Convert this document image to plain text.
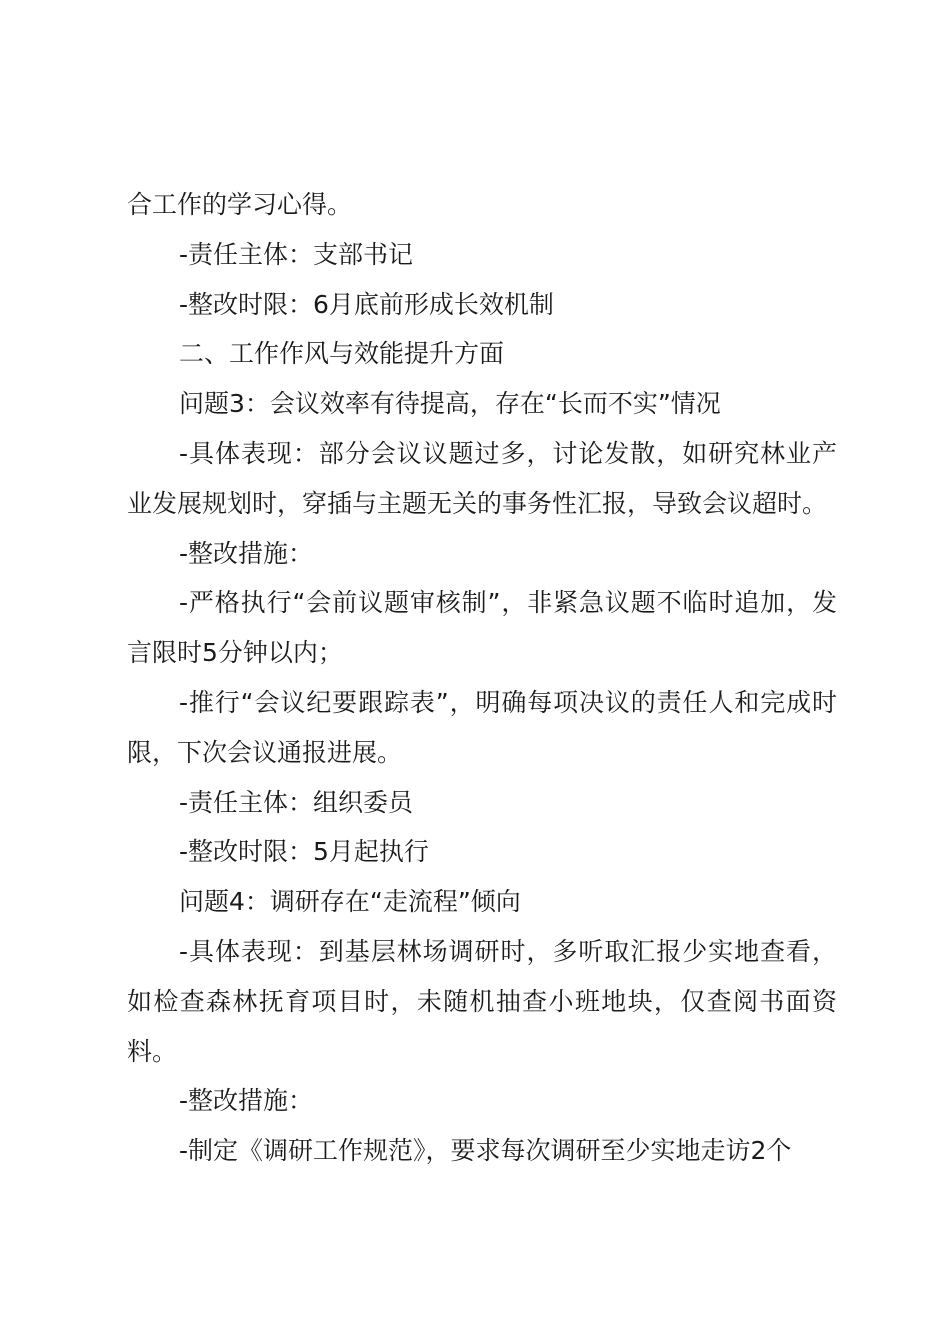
合工作的学习心得。

-责任主体：支部书记

-整改时限：6月底前形成长效机制

二、工作作风与效能提升方面

问题3：会议效率有待提高，存在“长而不实”情况

-具体表现：部分会议议题过多，讨论发散，如研究林业产业发展规划时，穿插与主题无关的事务性汇报，导致会议超时。

-整改措施：

-严格执行“会前议题审核制”，非紧急议题不临时追加，发言限时5分钟以内；

-推行“会议纪要跟踪表”，明确每项决议的责任人和完成时限，下次会议通报进展。

-责任主体：组织委员

-整改时限：5月起执行

问题4：调研存在“走流程”倾向

-具体表现：到基层林场调研时，多听取汇报少实地查看，如检查森林抚育项目时，未随机抽查小班地块，仅查阅书面资料。

-整改措施：

-制定《调研工作规范》，要求每次调研至少实地走访2个
